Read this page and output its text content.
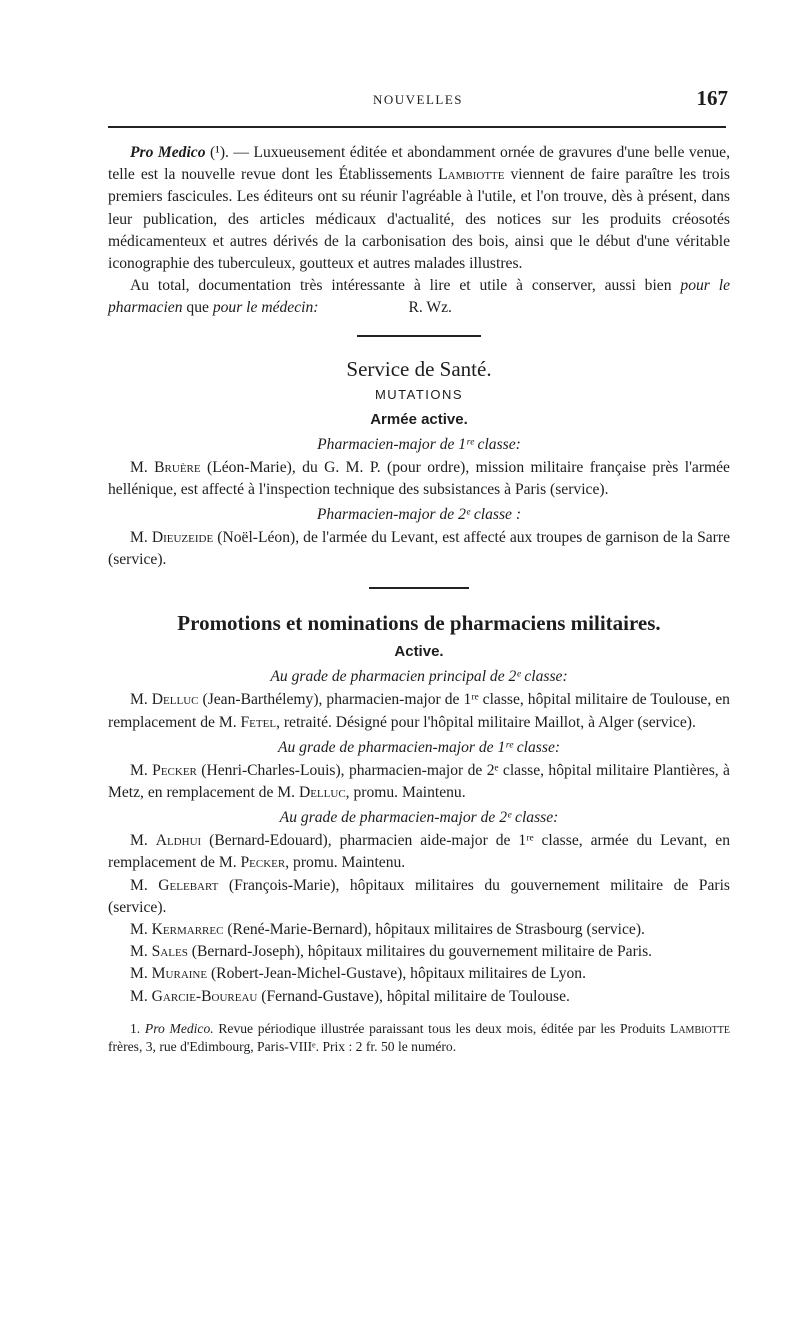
NOUVELLES	167

Pro Medico (¹). — Luxueusement éditée et abondamment ornée de gravures d'une belle venue, telle est la nouvelle revue dont les Établissements Lambiotte viennent de faire paraître les trois premiers fascicules. Les éditeurs ont su réunir l'agréable à l'utile, et l'on trouve, dès à présent, dans leur publication, des articles médicaux d'actualité, des notices sur les produits créosotés médicamenteux et autres dérivés de la carbonisation des bois, ainsi que le début d'une véritable iconographie des tuberculeux, goutteux et autres malades illustres.

Au total, documentation très intéressante à lire et utile à conserver, aussi bien pour le pharmacien que pour le médecin:	R. Wz.

Service de Santé.
MUTATIONS
Armée active.
Pharmacien-major de 1ʳᵉ classe:

M. Bruère (Léon-Marie), du G. M. P. (pour ordre), mission militaire française près l'armée hellénique, est affecté à l'inspection technique des subsistances à Paris (service).

Pharmacien-major de 2ᵉ classe :

M. Dieuzeide (Noël-Léon), de l'armée du Levant, est affecté aux troupes de garnison de la Sarre (service).

Promotions et nominations de pharmaciens militaires.
Active.
Au grade de pharmacien principal de 2ᵉ classe:

M. Delluc (Jean-Barthélemy), pharmacien-major de 1ʳᵉ classe, hôpital militaire de Toulouse, en remplacement de M. Fetel, retraité. Désigné pour l'hôpital militaire Maillot, à Alger (service).

Au grade de pharmacien-major de 1ʳᵉ classe:

M. Pecker (Henri-Charles-Louis), pharmacien-major de 2ᵉ classe, hôpital militaire Plantières, à Metz, en remplacement de M. Delluc, promu. Maintenu.

Au grade de pharmacien-major de 2ᵉ classe:

M. Aldhui (Bernard-Edouard), pharmacien aide-major de 1ʳᵉ classe, armée du Levant, en remplacement de M. Pecker, promu. Maintenu.

M. Gelebart (François-Marie), hôpitaux militaires du gouvernement militaire de Paris (service).

M. Kermarrec (René-Marie-Bernard), hôpitaux militaires de Strasbourg (service).

M. Sales (Bernard-Joseph), hôpitaux militaires du gouvernement militaire de Paris.

M. Muraine (Robert-Jean-Michel-Gustave), hôpitaux militaires de Lyon.

M. Garcie-Boureau (Fernand-Gustave), hôpital militaire de Toulouse.

1. Pro Medico. Revue périodique illustrée paraissant tous les deux mois, éditée par les Produits Lambiotte frères, 3, rue d'Edimbourg, Paris-VIIIᵉ. Prix : 2 fr. 50 le numéro.
